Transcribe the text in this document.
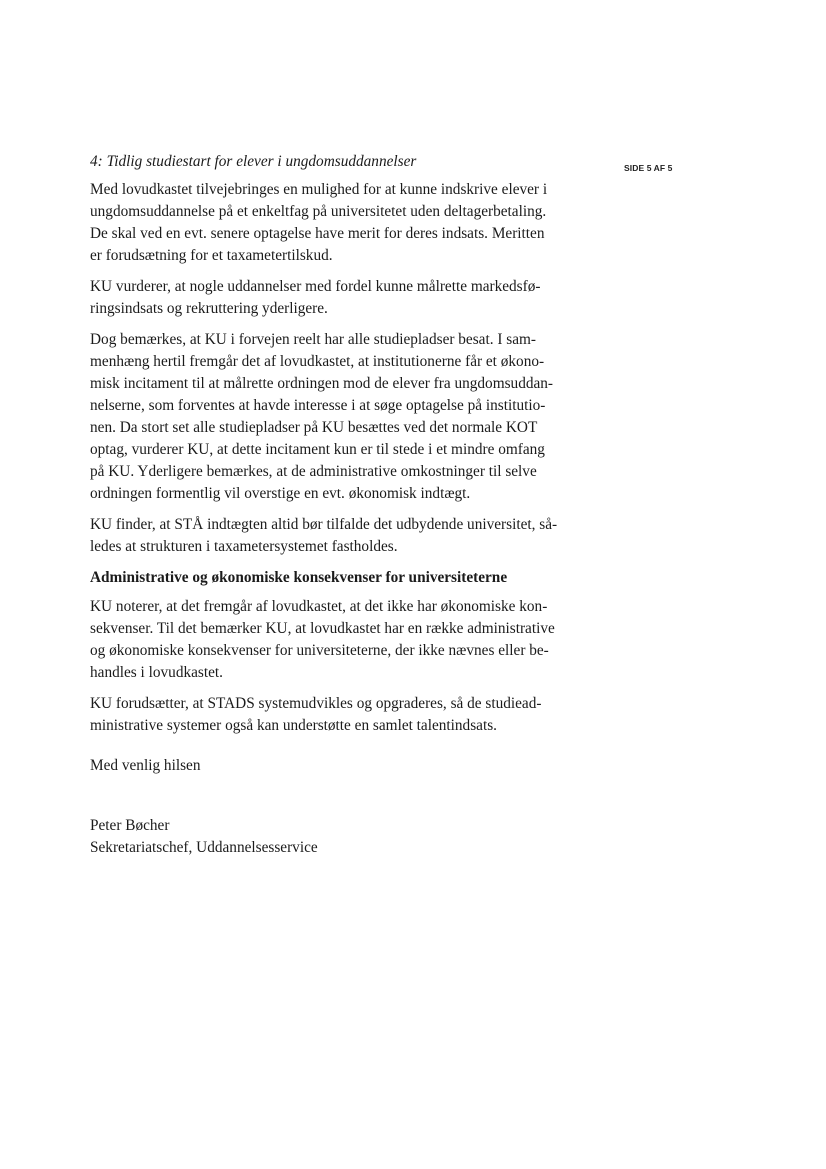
SIDE 5 AF 5
4: Tidlig studiestart for elever i ungdomsuddannelser
Med lovudkastet tilvejebringes en mulighed for at kunne indskrive elever i
ungdomsuddannelse på et enkeltfag på universitetet uden deltagerbetaling.
De skal ved en evt. senere optagelse have merit for deres indsats. Meritten
er forudsætning for et taxametertilskud.
KU vurderer, at nogle uddannelser med fordel kunne målrette markedsfø-
ringsindsats og rekruttering yderligere.
Dog bemærkes, at KU i forvejen reelt har alle studiepladser besat. I sam-
menhæng hertil fremgår det af lovudkastet, at institutionerne får et økono-
misk incitament til at målrette ordningen mod de elever fra ungdomsuddan-
nelserne, som forventes at havde interesse i at søge optagelse på institutio-
nen. Da stort set alle studiepladser på KU besættes ved det normale KOT
optag, vurderer KU, at dette incitament kun er til stede i et mindre omfang
på KU. Yderligere bemærkes, at de administrative omkostninger til selve
ordningen formentlig vil overstige en evt. økonomisk indtægt.
KU finder, at STÅ indtægten altid bør tilfalde det udbydende universitet, så-
ledes at strukturen i taxametersystemet fastholdes.
Administrative og økonomiske konsekvenser for universiteterne
KU noterer, at det fremgår af lovudkastet, at det ikke har økonomiske kon-
sekvenser. Til det bemærker KU, at lovudkastet har en række administrative
og økonomiske konsekvenser for universiteterne, der ikke nævnes eller be-
handles i lovudkastet.
KU forudsætter, at STADS systemudvikles og opgraderes, så de studiead-
ministrative systemer også kan understøtte en samlet talentindsats.
Med venlig hilsen
Peter Bøcher
Sekretariatschef, Uddannelsesservice
